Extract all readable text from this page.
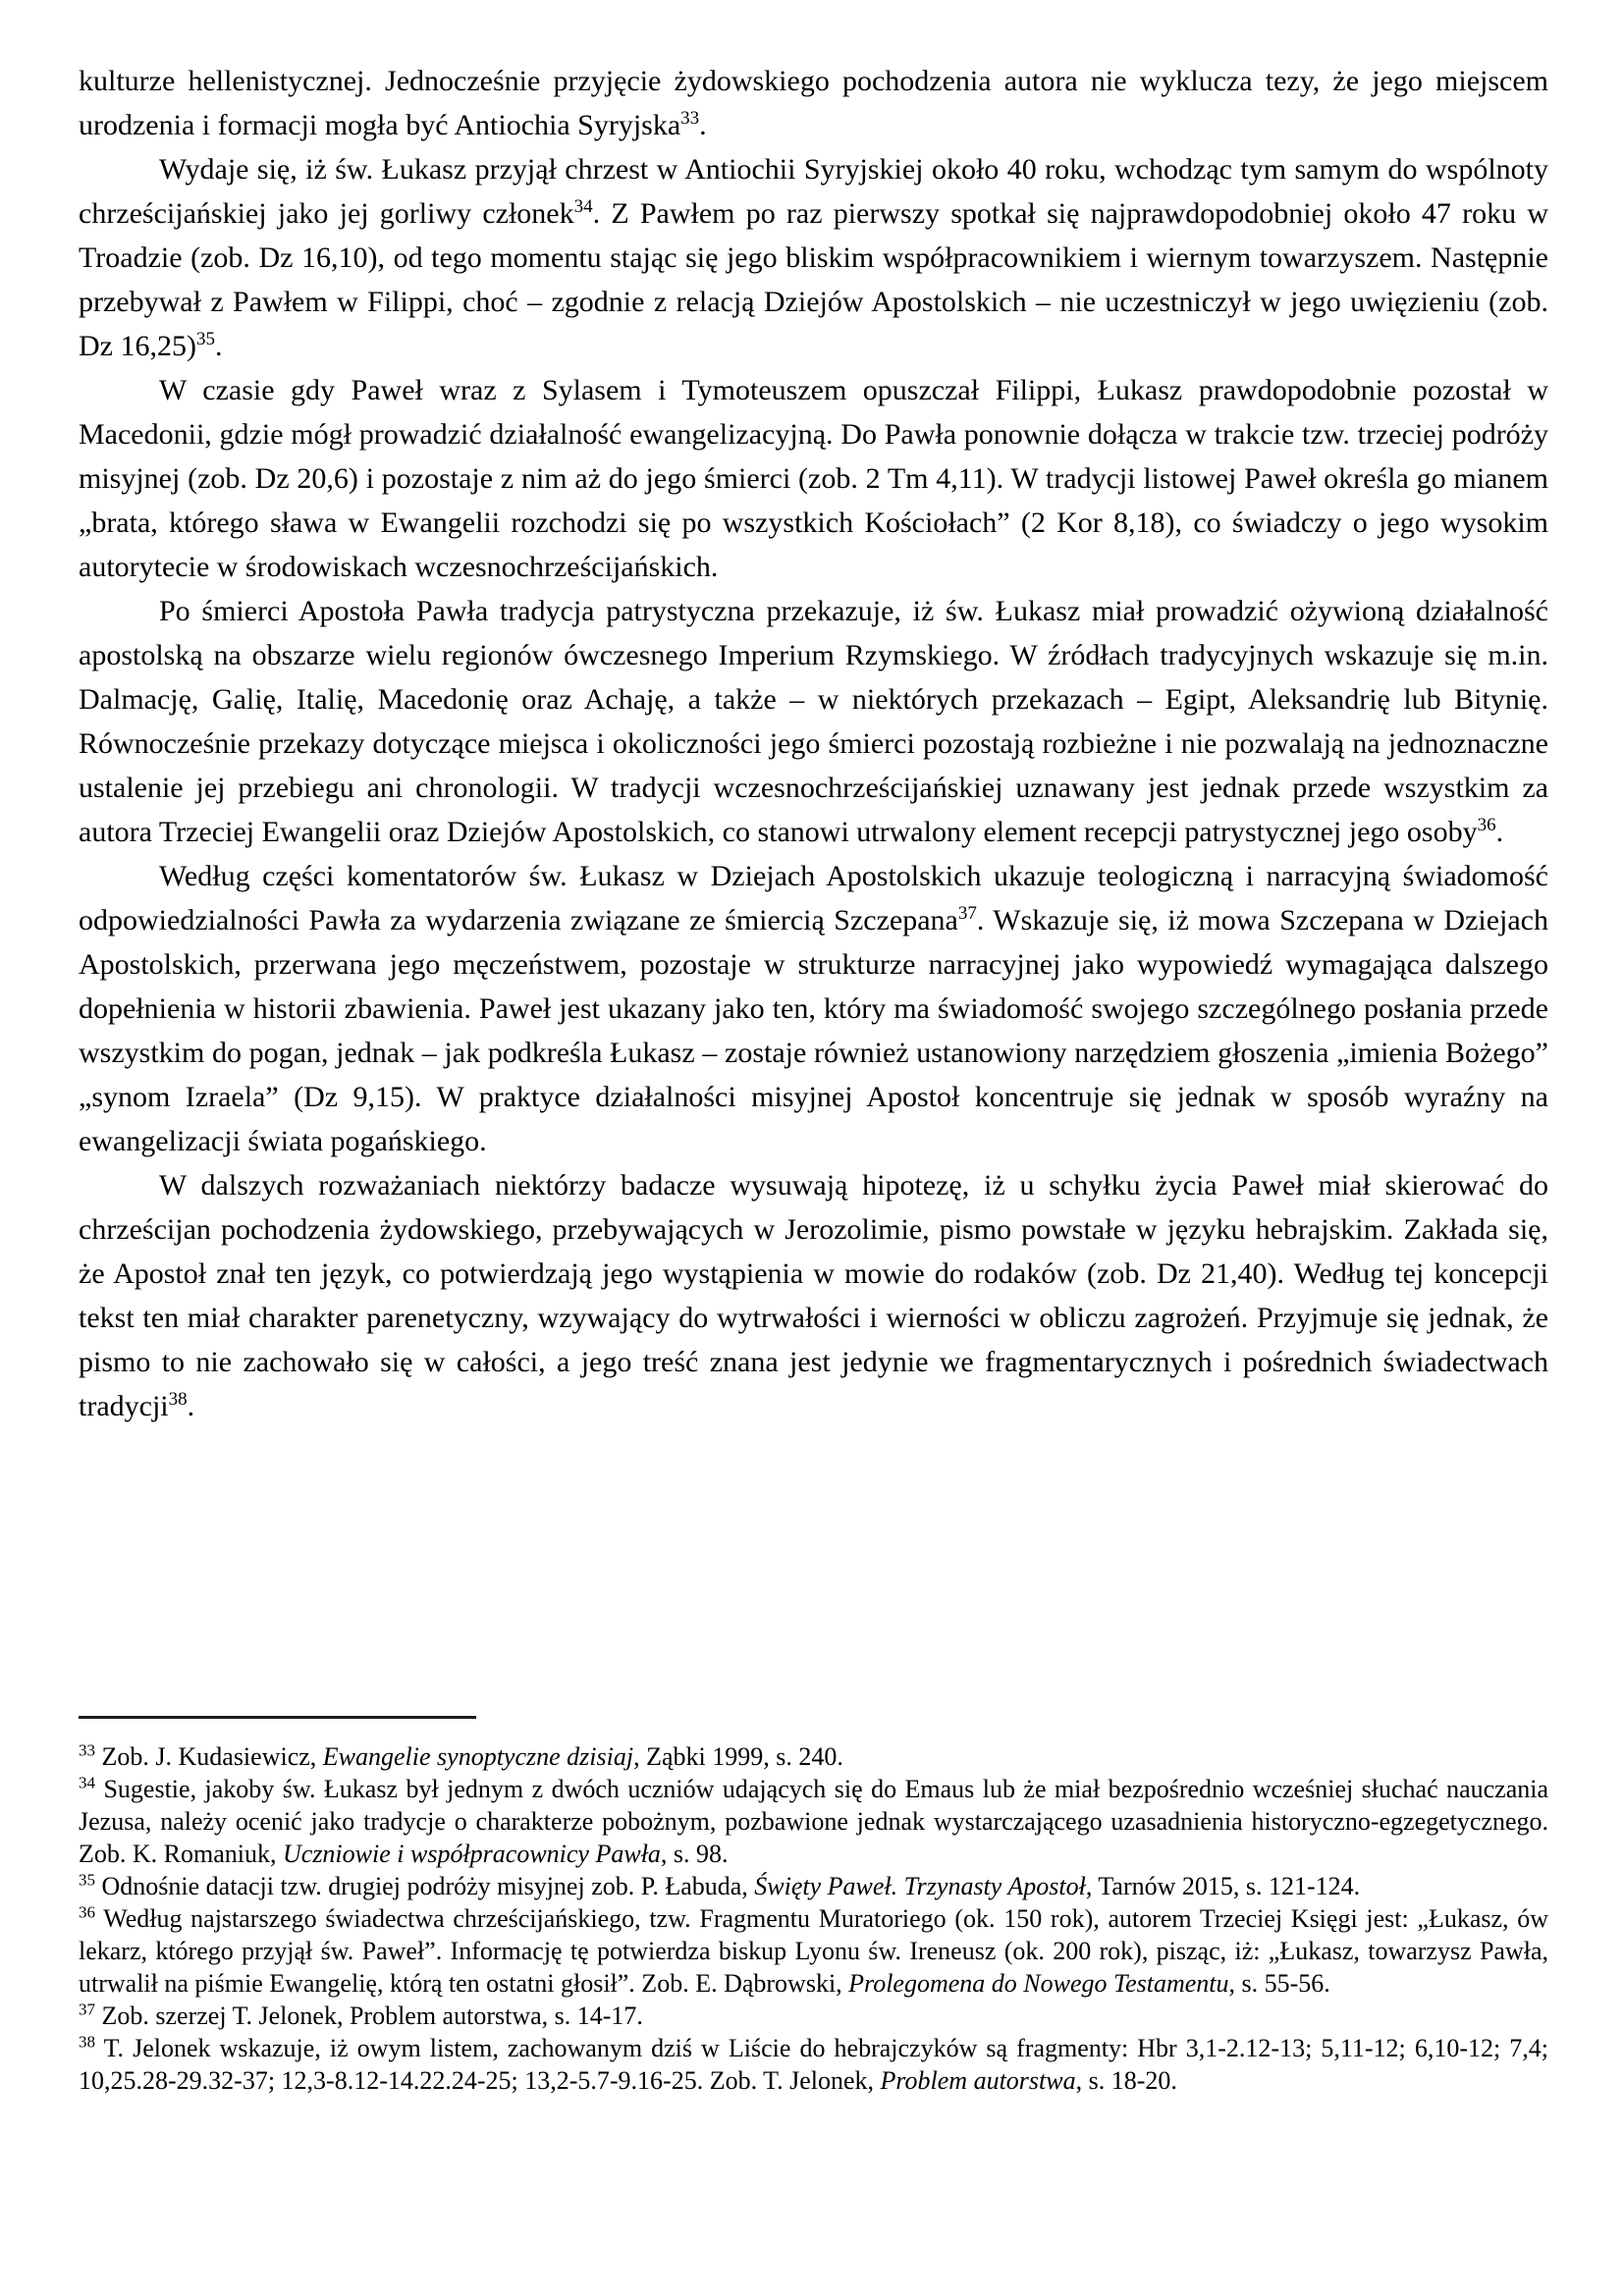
kulturze hellenistycznej. Jednocześnie przyjęcie żydowskiego pochodzenia autora nie wyklucza tezy, że jego miejscem urodzenia i formacji mogła być Antiochia Syryjska$^{33}$.

Wydaje się, iż św. Łukasz przyjął chrzest w Antiochii Syryjskiej około 40 roku, wchodząc tym samym do wspólnoty chrześcijańskiej jako jej gorliwy członek$^{34}$. Z Pawłem po raz pierwszy spotkał się najprawdopodobniej około 47 roku w Troadzie (zob. Dz 16,10), od tego momentu stając się jego bliskim współpracownikiem i wiernym towarzyszem. Następnie przebywał z Pawłem w Filippi, choć – zgodnie z relacją Dziejów Apostolskich – nie uczestniczył w jego uwięzieniu (zob. Dz 16,25)$^{35}$.

W czasie gdy Paweł wraz z Sylasem i Tymoteuszem opuszczał Filippi, Łukasz prawdopodobnie pozostał w Macedonii, gdzie mógł prowadzić działalność ewangelizacyjną. Do Pawła ponownie dołącza w trakcie tzw. trzeciej podróży misyjnej (zob. Dz 20,6) i pozostaje z nim aż do jego śmierci (zob. 2 Tm 4,11). W tradycji listowej Paweł określa go mianem „brata, którego sława w Ewangelii rozchodzi się po wszystkich Kościołach” (2 Kor 8,18), co świadczy o jego wysokim autorytecie w środowiskach wczesnochrześcijańskich.

Po śmierci Apostoła Pawła tradycja patrystyczna przekazuje, iż św. Łukasz miał prowadzić ożywioną działalność apostolską na obszarze wielu regionów ówczesnego Imperium Rzymskiego. W źródłach tradycyjnych wskazuje się m.in. Dalmację, Galię, Italię, Macedonię oraz Achaję, a także – w niektórych przekazach – Egipt, Aleksandrię lub Bitynię. Równocześnie przekazy dotyczące miejsca i okoliczności jego śmierci pozostają rozbieżne i nie pozwalają na jednoznaczne ustalenie jej przebiegu ani chronologii. W tradycji wczesnochrześcijańskiej uznawany jest jednak przede wszystkim za autora Trzeciej Ewangelii oraz Dziejów Apostolskich, co stanowi utrwalony element recepcji patrystycznej jego osoby$^{36}$.

Według części komentatorów św. Łukasz w Dziejach Apostolskich ukazuje teologiczną i narracyjną świadomość odpowiedzialności Pawła za wydarzenia związane ze śmiercią Szczepana$^{37}$. Wskazuje się, iż mowa Szczepana w Dziejach Apostolskich, przerwana jego męczeństwem, pozostaje w strukturze narracyjnej jako wypowiedź wymagająca dalszego dopełnienia w historii zbawienia. Paweł jest ukazany jako ten, który ma świadomość swojego szczególnego posłania przede wszystkim do pogan, jednak – jak podkreśla Łukasz – zostaje również ustanowiony narzędziem głoszenia „imienia Bożego” „synom Izraela” (Dz 9,15). W praktyce działalności misyjnej Apostoł koncentruje się jednak w sposób wyraźny na ewangelizacji świata pogańskiego.

W dalszych rozważaniach niektórzy badacze wysuwają hipotezę, iż u schyłku życia Paweł miał skierować do chrześcijan pochodzenia żydowskiego, przebywających w Jerozolimie, pismo powstałe w języku hebrajskim. Zakłada się, że Apostoł znał ten język, co potwierdzają jego wystąpienia w mowie do rodaków (zob. Dz 21,40). Według tej koncepcji tekst ten miał charakter parenetyczny, wzywający do wytrwałości i wierności w obliczu zagrożeń. Przyjmuje się jednak, że pismo to nie zachowało się w całości, a jego treść znana jest jedynie we fragmentarycznych i pośrednich świadectwach tradycji$^{38}$.

$^{33}$ Zob. J. Kudasiewicz, Ewangelie synoptyczne dzisiaj, Ząbki 1999, s. 240.
$^{34}$ Sugestie, jakoby św. Łukasz był jednym z dwóch uczniów udających się do Emaus lub że miał bezpośrednio wcześniej słuchać nauczania Jezusa, należy ocenić jako tradycje o charakterze pobożnym, pozbawione jednak wystarczającego uzasadnienia historyczno-egzegetycznego. Zob. K. Romaniuk, Uczniowie i współpracownicy Pawła, s. 98.
$^{35}$ Odnośnie datacji tzw. drugiej podróży misyjnej zob. P. Łabuda, Święty Paweł. Trzynasty Apostoł, Tarnów 2015, s. 121-124.
$^{36}$ Według najstarszego świadectwa chrześcijańskiego, tzw. Fragmentu Muratoriego (ok. 150 rok), autorem Trzeciej Księgi jest: „Łukasz, ów lekarz, którego przyjął św. Paweł”. Informację tę potwierdza biskup Lyonu św. Ireneusz (ok. 200 rok), pisząc, iż: „Łukasz, towarzysz Pawła, utrwalił na piśmie Ewangelię, którą ten ostatni głosił”. Zob. E. Dąbrowski, Prolegomena do Nowego Testamentu, s. 55-56.
$^{37}$ Zob. szerzej T. Jelonek, Problem autorstwa, s. 14-17.
$^{38}$ T. Jelonek wskazuje, iż owym listem, zachowanym dziś w Liście do hebrajczyków są fragmenty: Hbr 3,1-2.12-13; 5,11-12; 6,10-12; 7,4; 10,25.28-29.32-37; 12,3-8.12-14.22.24-25; 13,2-5.7-9.16-25. Zob. T. Jelonek, Problem autorstwa, s. 18-20.
